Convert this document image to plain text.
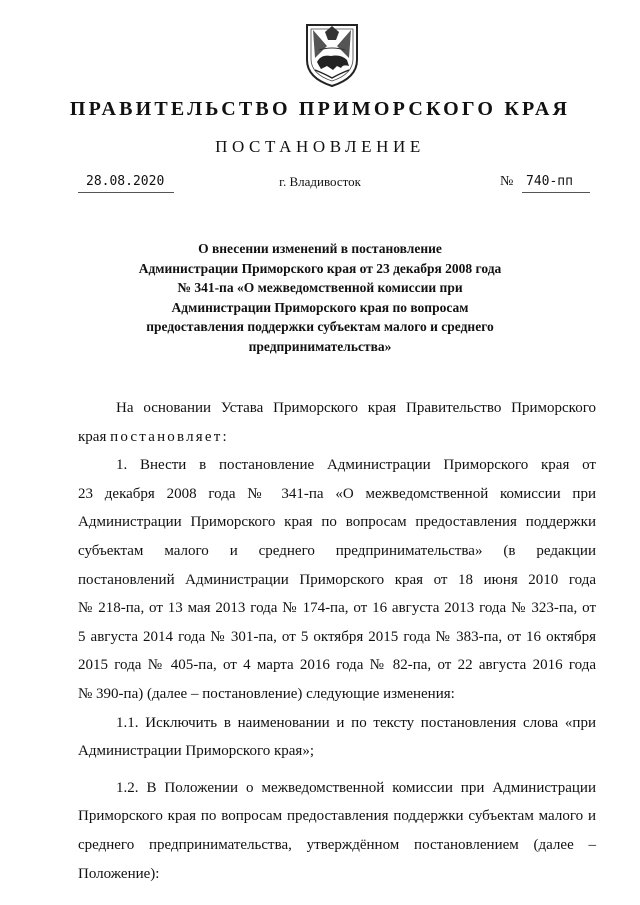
ПРАВИТЕЛЬСТВО ПРИМОРСКОГО КРАЯ
ПОСТАНОВЛЕНИЕ
28.08.2020	г. Владивосток	№ 740-пп
О внесении изменений в постановление
Администрации Приморского края от 23 декабря 2008 года
№ 341-па «О межведомственной комиссии при
Администрации Приморского края по вопросам
предоставления поддержки субъектам малого и среднего
предпринимательства»
На основании Устава Приморского края Правительство Приморского
края постановляет:
1. Внести в постановление Администрации Приморского края от
23 декабря 2008 года № 341-па «О межведомственной комиссии при
Администрации Приморского края по вопросам предоставления поддержки
субъектам малого и среднего предпринимательства» (в редакции
постановлений Администрации Приморского края от 18 июня 2010 года
№ 218-па, от 13 мая 2013 года № 174-па, от 16 августа 2013 года № 323-па, от
5 августа 2014 года № 301-па, от 5 октября 2015 года № 383-па, от 16 октября
2015 года № 405-па, от 4 марта 2016 года № 82-па, от 22 августа 2016 года
№ 390-па) (далее – постановление) следующие изменения:
1.1. Исключить в наименовании и по тексту постановления слова «при
Администрации Приморского края»;
1.2. В Положении о межведомственной комиссии при Администрации
Приморского края по вопросам предоставления поддержки субъектам малого и
среднего предпринимательства, утверждённом постановлением (далее –
Положение):
